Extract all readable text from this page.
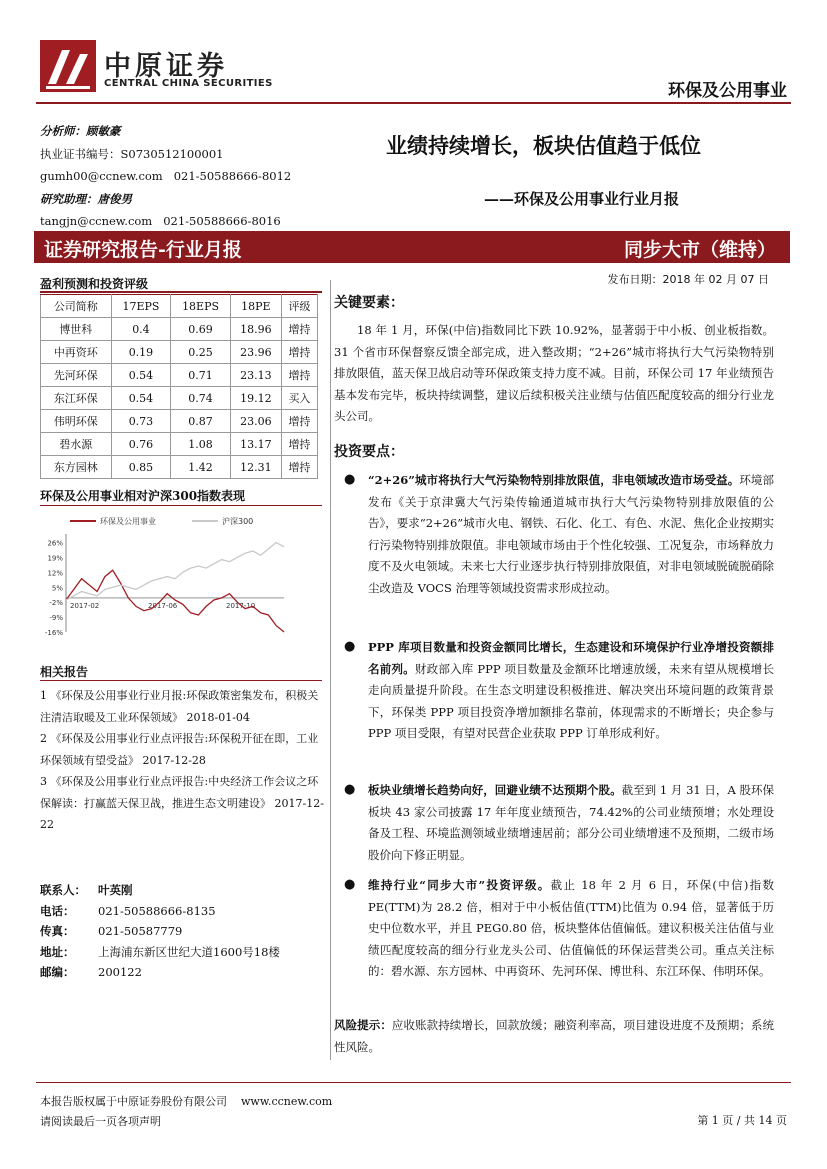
中原证券
CENTRAL CHINA SECURITIES	环保及公用事业
分析师：顾敏豪
执业证书编号：S0730512100001
gumh00@ccnew.com 021-50588666-8012
研究助理：唐俊男
tangjn@ccnew.com 021-50588666-8016
业绩持续增长，板块估值趋于低位
——环保及公用事业行业月报
证券研究报告-行业月报	同步大市（维持）
发布日期：2018 年 02 月 07 日
盈利预测和投资评级
公司简称	17EPS	18EPS	18PE	评级
博世科	0.4	0.69	18.96	增持
中再资环	0.19	0.25	23.96	增持
先河环保	0.54	0.71	23.13	增持
东江环保	0.54	0.74	19.12	买入
伟明环保	0.73	0.87	23.06	增持
碧水源	0.76	1.08	13.17	增持
东方园林	0.85	1.42	12.31	增持
环保及公用事业相对沪深300指数表现
环保及公用事业	沪深300
26%
19%
12%
5%
-2%
-9%
-16%
2017-02	2017-06	2017-10
相关报告

1 《环保及公用事业行业月报:环保政策密集发布，积极关注清洁取暖及工业环保领域》 2018-01-04

2 《环保及公用事业行业点评报告:环保税开征在即，工业环保领域有望受益》 2017-12-28

3 《环保及公用事业行业点评报告:中央经济工作会议之环保解读：打赢蓝天保卫战，推进生态文明建设》 2017-12-22

联系人：	叶英刚
电话：	021-50588666-8135
传真：	021-50587779
地址：	上海浦东新区世纪大道1600号18楼
邮编：	200122
关键要素：
18 年 1 月，环保(中信)指数同比下跌 10.92%，显著弱于中小板、创业板指数。31 个省市环保督察反馈全部完成，进入整改期；“2+26”城市将执行大气污染物特别排放限值，蓝天保卫战启动等环保政策支持力度不减。目前，环保公司 17 年业绩预告基本发布完毕，板块持续调整，建议后续积极关注业绩与估值匹配度较高的细分行业龙头公司。
投资要点：
● “2+26”城市将执行大气污染物特别排放限值，非电领域改造市场受益。环境部发布《关于京津冀大气污染传输通道城市执行大气污染物特别排放限值的公告》，要求“2+26”城市火电、钢铁、石化、化工、有色、水泥、焦化企业按期实行污染物特别排放限值。非电领域市场由于个性化较强、工况复杂，市场释放力度不及火电领域。未来七大行业逐步执行特别排放限值，对非电领域脱硫脱硝除尘改造及 VOCS 治理等领域投资需求形成拉动。
● PPP 库项目数量和投资金额同比增长，生态建设和环境保护行业净增投资额排名前列。财政部入库 PPP 项目数量及金额环比增速放缓，未来有望从规模增长走向质量提升阶段。在生态文明建设积极推进、解决突出环境问题的政策背景下，环保类 PPP 项目投资净增加额排名靠前，体现需求的不断增长；央企参与 PPP 项目受限，有望对民营企业获取 PPP 订单形成利好。
● 板块业绩增长趋势向好，回避业绩不达预期个股。截至到 1 月 31 日，A 股环保板块 43 家公司披露 17 年年度业绩预告，74.42%的公司业绩预增；水处理设备及工程、环境监测领域业绩增速居前；部分公司业绩增速不及预期，二级市场股价向下修正明显。
● 维持行业“同步大市”投资评级。截止 18 年 2 月 6 日，环保(中信)指数 PE(TTM)为 28.2 倍，相对于中小板估值(TTM)比值为 0.94 倍，显著低于历史中位数水平，并且 PEG0.80 倍，板块整体估值偏低。建议积极关注估值与业绩匹配度较高的细分行业龙头公司、估值偏低的环保运营类公司。重点关注标的：碧水源、东方园林、中再资环、先河环保、博世科、东江环保、伟明环保。
风险提示：应收账款持续增长，回款放缓；融资利率高，项目建设进度不及预期；系统性风险。
本报告版权属于中原证券股份有限公司 www.ccnew.com
请阅读最后一页各项声明	第 1 页 / 共 14 页
